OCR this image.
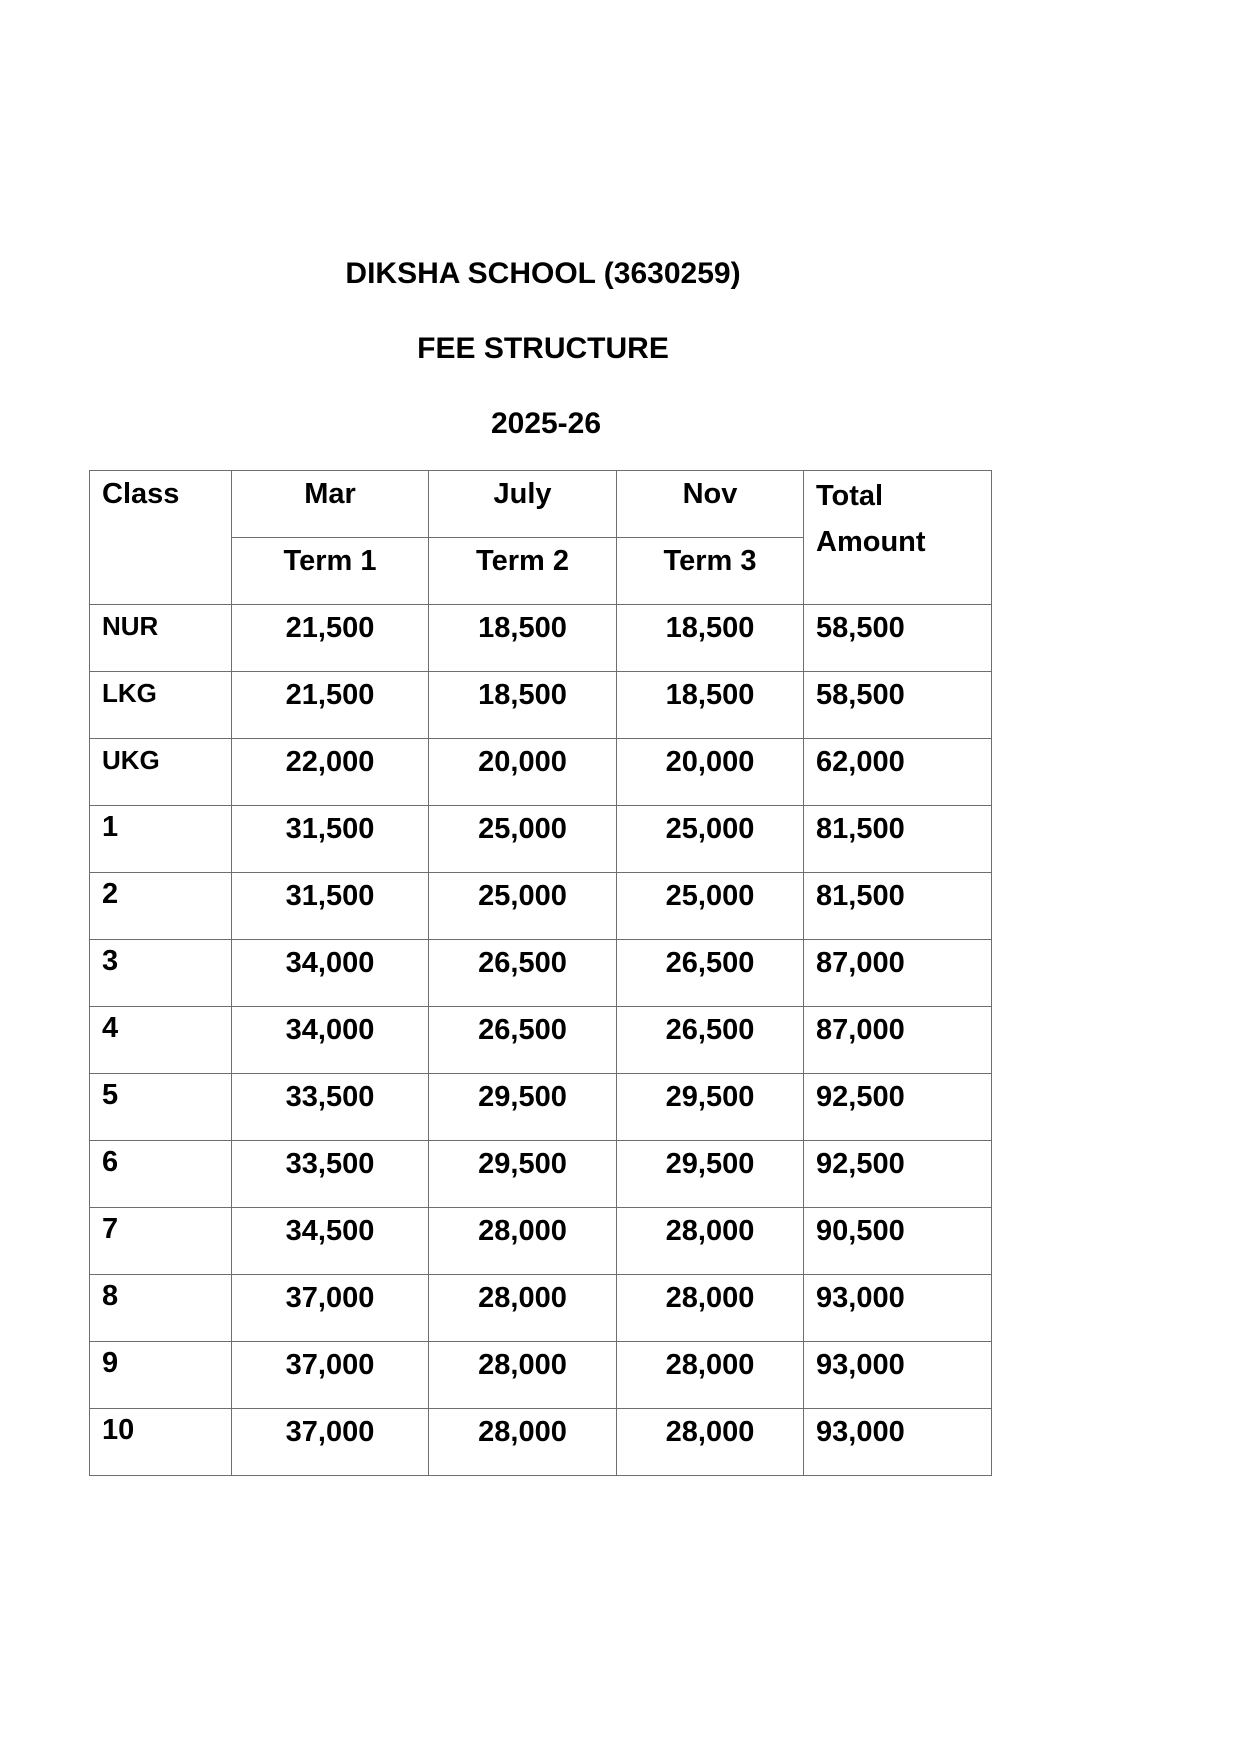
DIKSHA SCHOOL (3630259)
FEE STRUCTURE
2025-26
Class	Mar	July	Nov	Total
Amount

	Term 1	Term 2	Term 3	

NUR	21,500	18,500	18,500	58,500

LKG	21,500	18,500	18,500	58,500

UKG	22,000	20,000	20,000	62,000

1	31,500	25,000	25,000	81,500

2	31,500	25,000	25,000	81,500

3	34,000	26,500	26,500	87,000

4	34,000	26,500	26,500	87,000

5	33,500	29,500	29,500	92,500

6	33,500	29,500	29,500	92,500

7	34,500	28,000	28,000	90,500

8	37,000	28,000	28,000	93,000

9	37,000	28,000	28,000	93,000

10	37,000	28,000	28,000	93,000
